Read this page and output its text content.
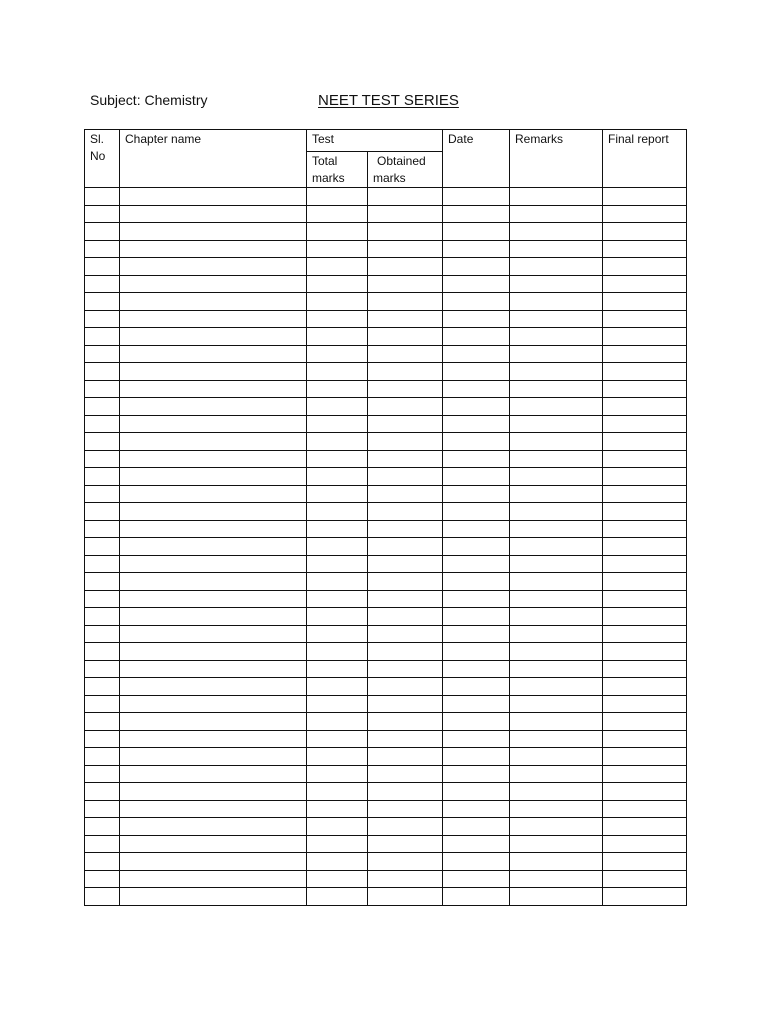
Subject: Chemistry	NEET TEST SERIES
Sl. No	Chapter name	Test		Date	Remarks	Final report
		Total marks	Obtained marks			
